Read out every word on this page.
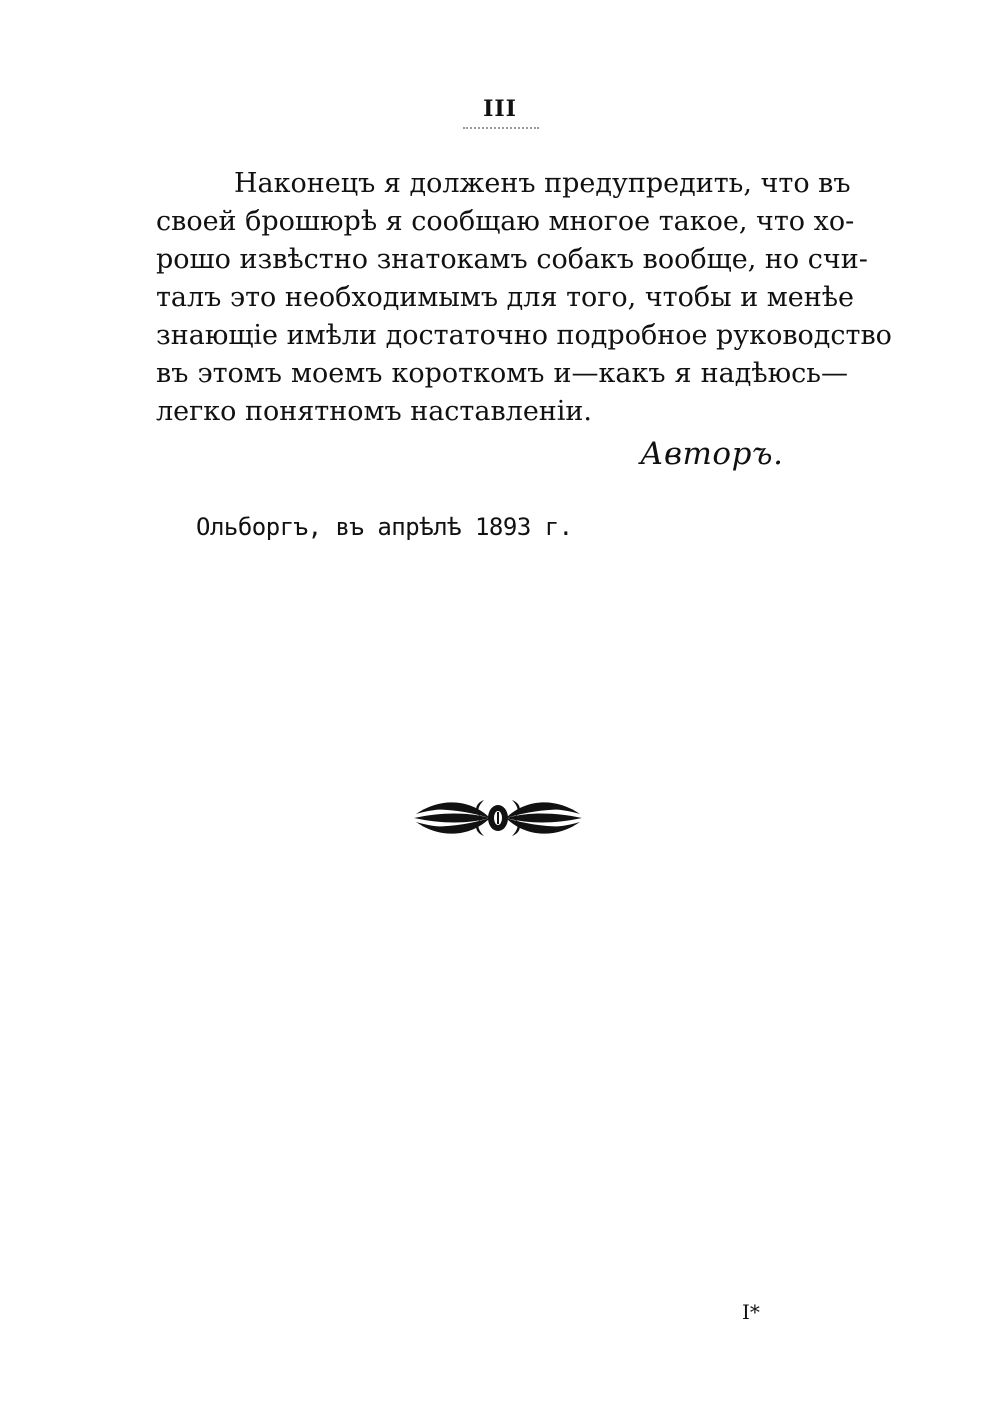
III
Наконецъ я долженъ предупредить, что въ
своей брошюрѣ я сообщаю многое такое, что хо-
рошо извѣстно знатокамъ собакъ вообще, но счи-
талъ это необходимымъ для того, чтобы и менѣе
знающіе имѣли достаточно подробное руководство
въ этомъ моемъ короткомъ и—какъ я надѣюсь—
легко понятномъ наставленіи.
Авторъ.
Ольборгъ, въ апрѣлѣ 1893 г.
I*
